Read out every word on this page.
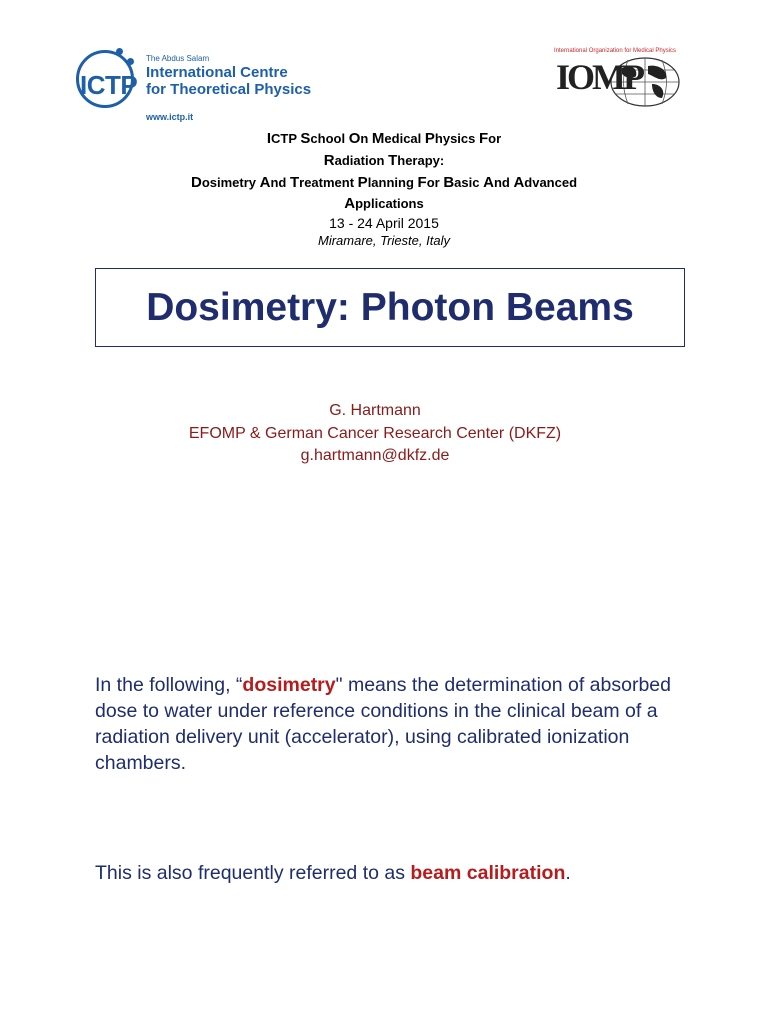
ICTP
The Abdus Salam
International Centre
for Theoretical Physics
www.ictp.it
International Organization for Medical Physics
IOMP
ICTP School On Medical Physics For
Radiation Therapy:
Dosimetry And Treatment Planning For Basic And Advanced
Applications
13 - 24 April 2015
Miramare, Trieste, Italy
Dosimetry: Photon Beams
G. Hartmann
EFOMP & German Cancer Research Center (DKFZ)
g.hartmann@dkfz.de
In the following, “dosimetry" means the determination of absorbed dose to water under reference conditions in the clinical beam of a radiation delivery unit (accelerator), using calibrated ionization chambers.
This is also frequently referred to as beam calibration.
